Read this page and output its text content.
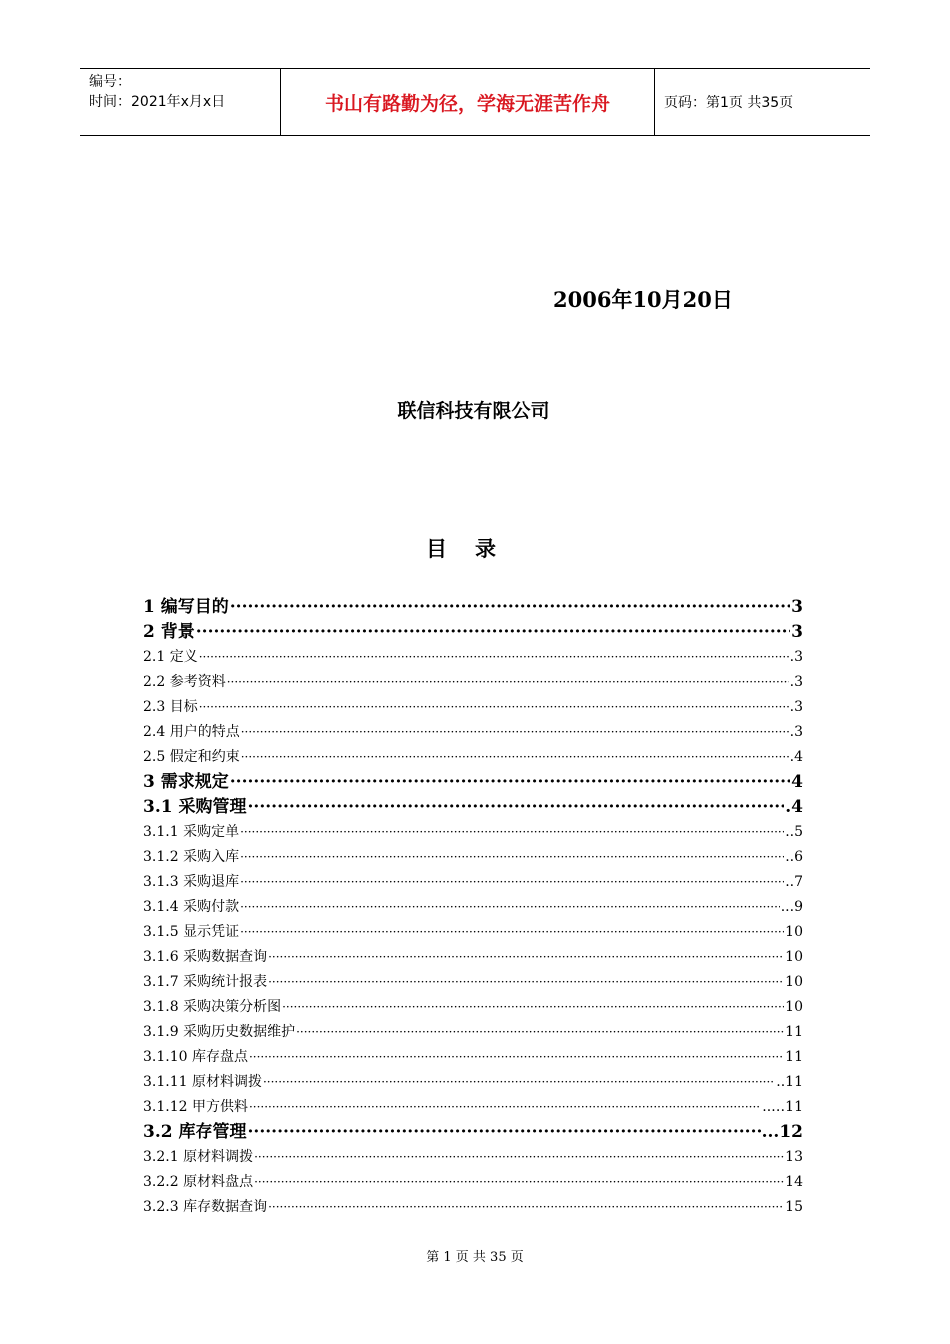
编号：
时间：2021年x月x日	书山有路勤为径，学海无涯苦作舟	页码：第1页 共35页
2006年10月20日
联信科技有限公司
目录
1 编写目的 ·····	3
2 背景 ·····	3
2.1 定义 ·····	.3
2.2 参考资料 ·····	.3
2.3 目标 ·····	.3
2.4 用户的特点 ·····	.3
2.5 假定和约束 ·····	.4
3 需求规定 ·····	4
3.1 采购管理 ·····	.4
3.1.1 采购定单 ·····	..5
3.1.2 采购入库 ·····	..6
3.1.3 采购退库 ·····	..7
3.1.4 采购付款 ·····	...9
3.1.5 显示凭证 ·····	10
3.1.6 采购数据查询 ·····	10
3.1.7 采购统计报表 ·····	10
3.1.8 采购决策分析图 ·····	10
3.1.9 采购历史数据维护 ·····	11
3.1.10 库存盘点 ·····	11
3.1.11 原材料调拨 ·····	..11
3.1.12 甲方供料 ·····	..…11
3.2 库存管理 ·····	...12
3.2.1 原材料调拨 ·····	13
3.2.2 原材料盘点 ·····	14
3.2.3 库存数据查询 ·····	15
第 1 页 共 35 页
